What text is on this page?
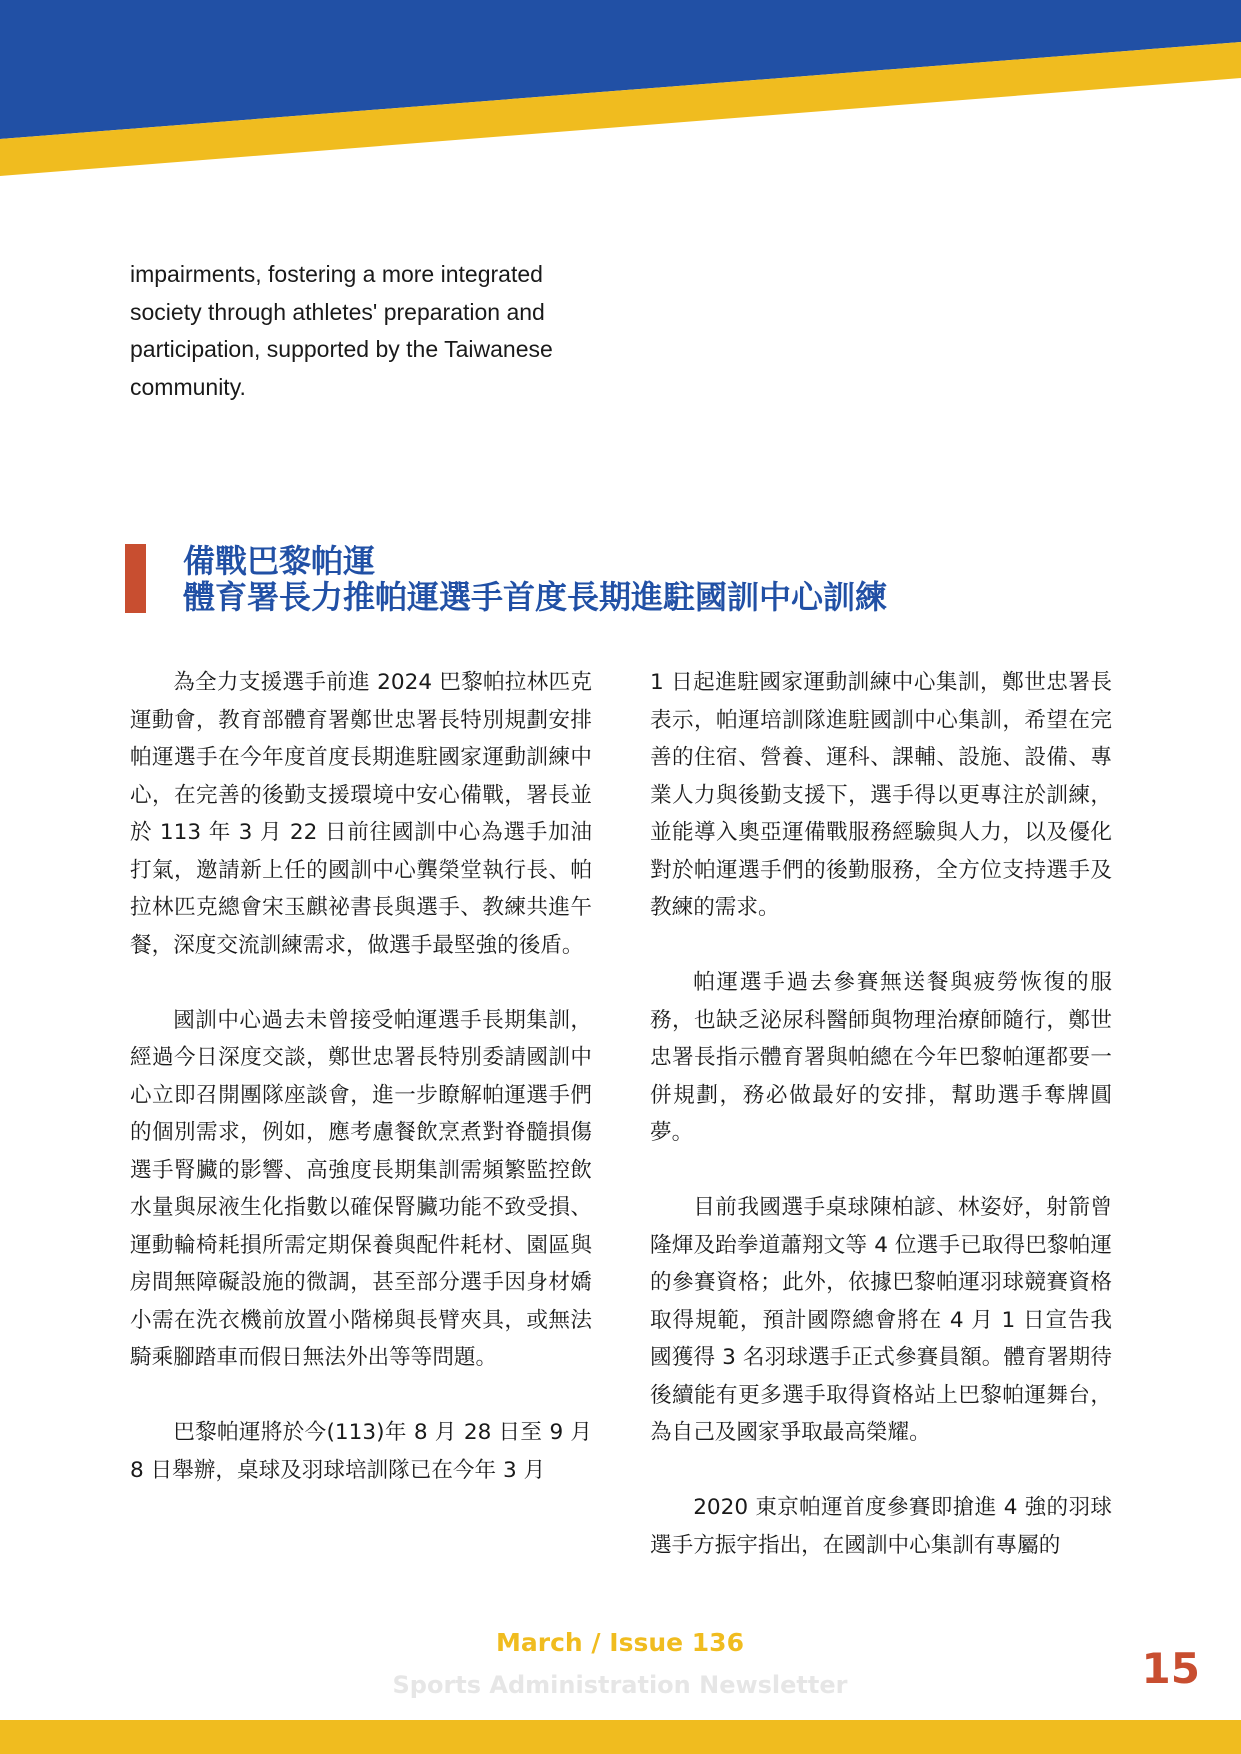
impairments, fostering a more integrated society through athletes' preparation and participation, supported by the Taiwanese community.

備戰巴黎帕運
體育署長力推帕運選手首度長期進駐國訓中心訓練

為全力支援選手前進 2024 巴黎帕拉林匹克運動會，教育部體育署鄭世忠署長特別規劃安排帕運選手在今年度首度長期進駐國家運動訓練中心，在完善的後勤支援環境中安心備戰，署長並於 113 年 3 月 22 日前往國訓中心為選手加油打氣，邀請新上任的國訓中心龔榮堂執行長、帕拉林匹克總會宋玉麒祕書長與選手、教練共進午餐，深度交流訓練需求，做選手最堅強的後盾。

國訓中心過去未曾接受帕運選手長期集訓，經過今日深度交談，鄭世忠署長特別委請國訓中心立即召開團隊座談會，進一步瞭解帕運選手們的個別需求，例如，應考慮餐飲烹煮對脊髓損傷選手腎臟的影響、高強度長期集訓需頻繁監控飲水量與尿液生化指數以確保腎臟功能不致受損、運動輪椅耗損所需定期保養與配件耗材、園區與房間無障礙設施的微調，甚至部分選手因身材嬌小需在洗衣機前放置小階梯與長臂夾具，或無法騎乘腳踏車而假日無法外出等等問題。

巴黎帕運將於今(113)年 8 月 28 日至 9 月 8 日舉辦，桌球及羽球培訓隊已在今年 3 月

1 日起進駐國家運動訓練中心集訓，鄭世忠署長表示，帕運培訓隊進駐國訓中心集訓，希望在完善的住宿、營養、運科、課輔、設施、設備、專業人力與後勤支援下，選手得以更專注於訓練，並能導入奧亞運備戰服務經驗與人力，以及優化對於帕運選手們的後勤服務，全方位支持選手及教練的需求。

帕運選手過去參賽無送餐與疲勞恢復的服務，也缺乏泌尿科醫師與物理治療師隨行，鄭世忠署長指示體育署與帕總在今年巴黎帕運都要一併規劃，務必做最好的安排，幫助選手奪牌圓夢。

目前我國選手桌球陳柏諺、林姿妤，射箭曾隆煇及跆拳道蕭翔文等 4 位選手已取得巴黎帕運的參賽資格；此外，依據巴黎帕運羽球競賽資格取得規範，預計國際總會將在 4 月 1 日宣告我國獲得 3 名羽球選手正式參賽員額。體育署期待後續能有更多選手取得資格站上巴黎帕運舞台，為自己及國家爭取最高榮耀。

2020 東京帕運首度參賽即搶進 4 強的羽球選手方振宇指出，在國訓中心集訓有專屬的

March / Issue 136
Sports Administration Newsletter	15
